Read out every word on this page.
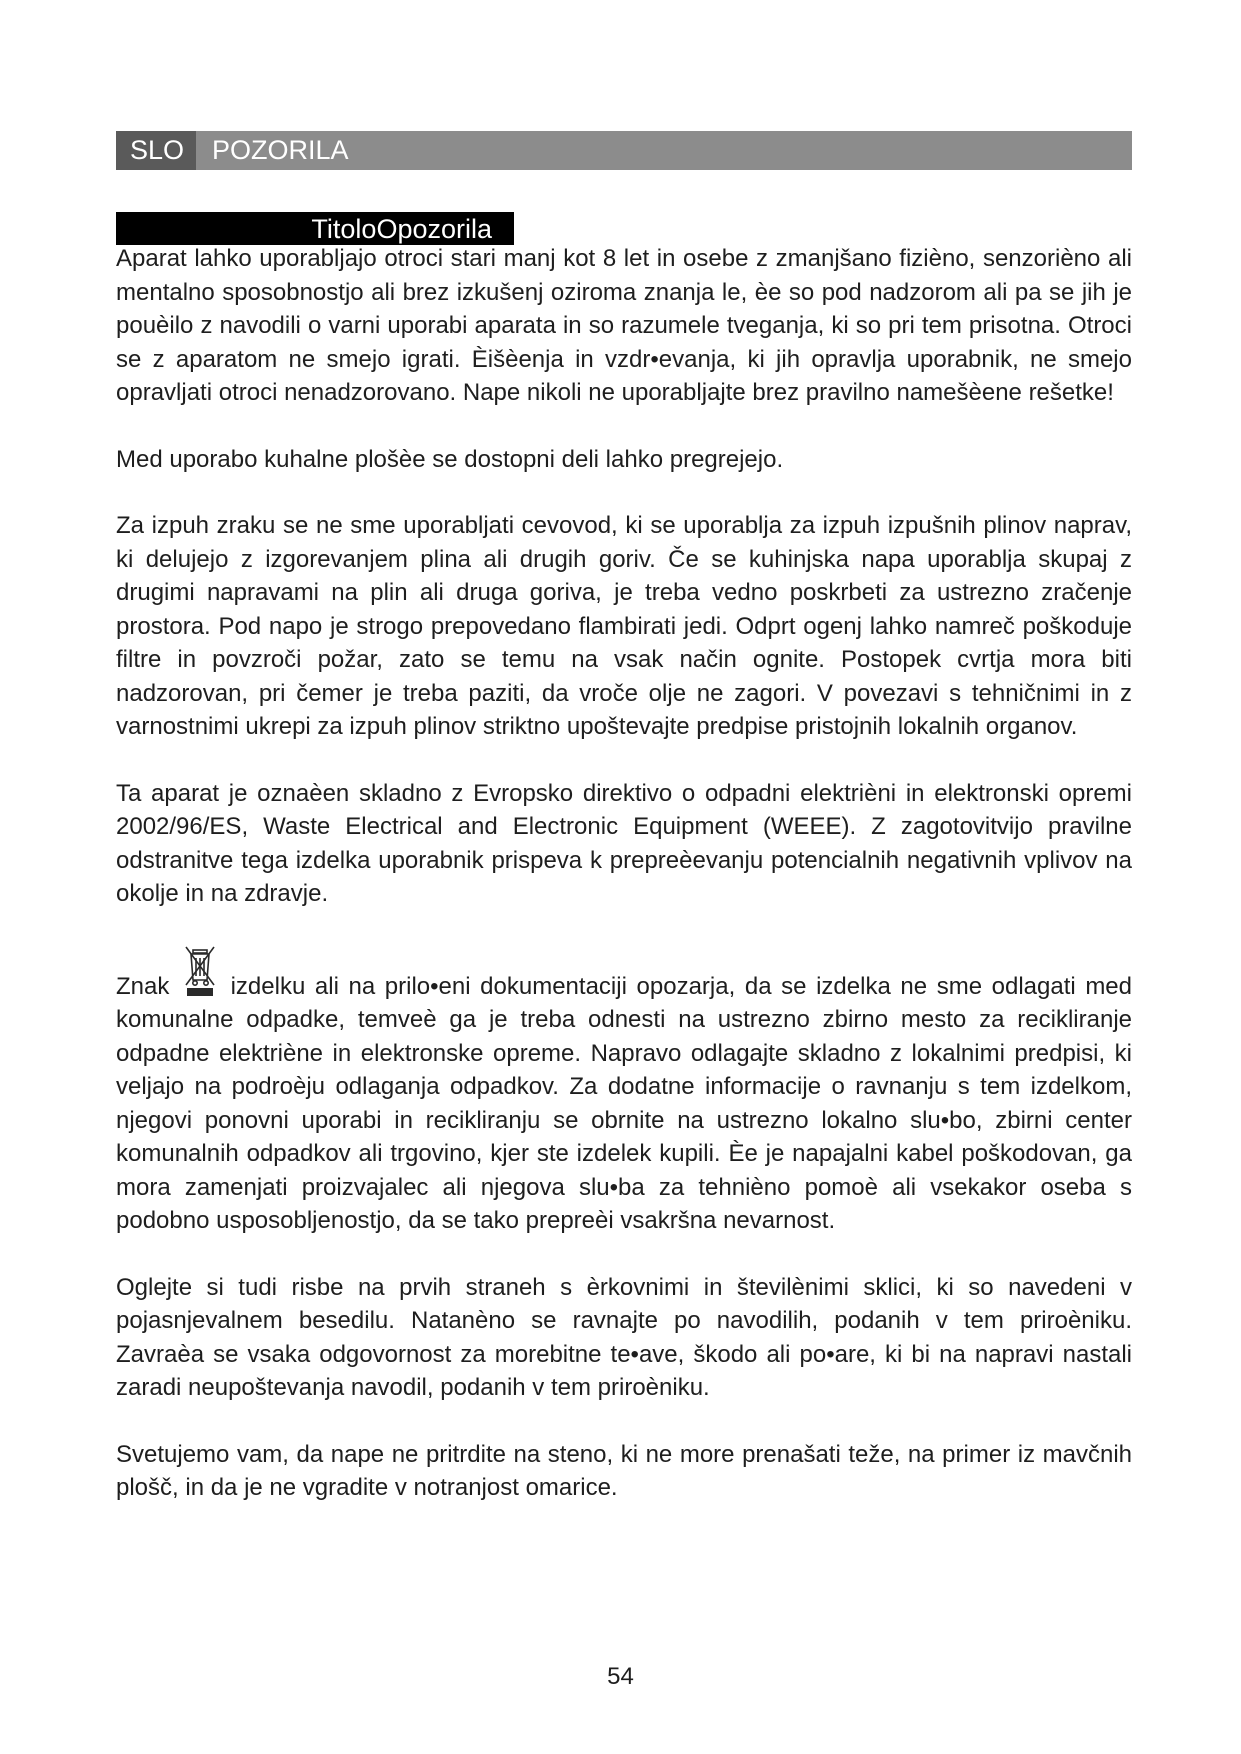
SLO	POZORILA
TitoloOpozorila

Aparat lahko uporabljajo otroci stari manj kot 8 let in osebe z zmanjšano fizièno, senzorièno ali mentalno sposobnostjo ali brez izkušenj oziroma znanja le, èe so pod nadzorom ali pa se jih je pouèilo z navodili o varni uporabi aparata in so razumele tveganja, ki so pri tem prisotna. Otroci se z aparatom ne smejo igrati. Èišèenja in vzdr•evanja, ki jih opravlja uporabnik, ne smejo opravljati otroci nenadzorovano. Nape nikoli ne uporabljajte brez pravilno namešèene rešetke!

Med uporabo kuhalne plošèe se dostopni deli lahko pregrejejo.

Za izpuh zraku se ne sme uporabljati cevovod, ki se uporablja za izpuh izpušnih plinov naprav, ki delujejo z izgorevanjem plina ali drugih goriv. Če se kuhinjska napa uporablja skupaj z drugimi napravami na plin ali druga goriva, je treba vedno poskrbeti za ustrezno zračenje prostora. Pod napo je strogo prepovedano flambirati jedi. Odprt ogenj lahko namreč poškoduje filtre in povzroči požar, zato se temu na vsak način ognite. Postopek cvrtja mora biti nadzorovan, pri čemer je treba paziti, da vroče olje ne zagori. V povezavi s tehničnimi in z varnostnimi ukrepi za izpuh plinov striktno upoštevajte predpise pristojnih lokalnih organov.

Ta aparat je oznaèen skladno z Evropsko direktivo o odpadni elektrièni in elektronski opremi 2002/96/ES, Waste Electrical and Electronic Equipment (WEEE). Z zagotovitvijo pravilne odstranitve tega izdelka uporabnik prispeva k prepreèevanju potencialnih negativnih vplivov na okolje in na zdravje.

Znak	izdelku ali na prilo•eni dokumentaciji opozarja, da se izdelka ne sme odlagati med komunalne odpadke, temveè ga je treba odnesti na ustrezno zbirno mesto za recikliranje odpadne elektriène in elektronske opreme. Napravo odlagajte skladno z lokalnimi predpisi, ki veljajo na podroèju odlaganja odpadkov. Za dodatne informacije o ravnanju s tem izdelkom, njegovi ponovni uporabi in recikliranju se obrnite na ustrezno lokalno slu•bo, zbirni center komunalnih odpadkov ali trgovino, kjer ste izdelek kupili. Èe je napajalni kabel poškodovan, ga mora zamenjati proizvajalec ali njegova slu•ba za tehnièno pomoè ali vsekakor oseba s podobno usposobljenostjo, da se tako prepreèi vsakršna nevarnost.

Oglejte si tudi risbe na prvih straneh s èrkovnimi in številènimi sklici, ki so navedeni v pojasnjevalnem besedilu. Natanèno se ravnajte po navodilih, podanih v tem priroèniku. Zavraèa se vsaka odgovornost za morebitne te•ave, škodo ali po•are, ki bi na napravi nastali zaradi neupoštevanja navodil, podanih v tem priroèniku.

Svetujemo vam, da nape ne pritrdite na steno, ki ne more prenašati teže, na primer iz mavčnih plošč, in da je ne vgradite v notranjost omarice.

54
